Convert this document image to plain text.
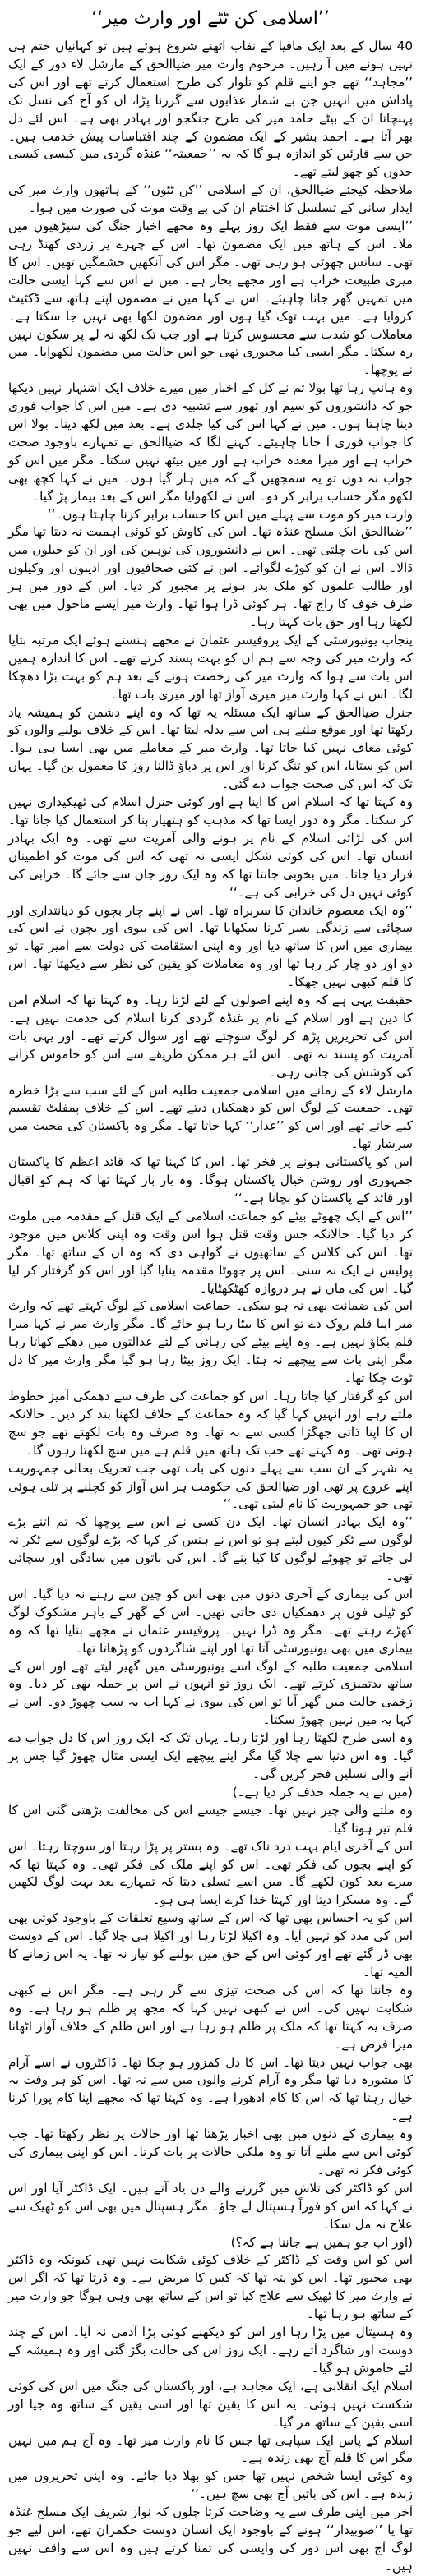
’’اسلامی کن ٹٹے اور وارث میر‘‘

40 سال کے بعد ایک مافیا کے نقاب اٹھنے شروع ہوئے ہیں تو کہانیاں ختم ہی نہیں ہونے میں آ رہیں۔ مرحوم وارث میر ضیاالحق کے مارشل لاء دور کے ایک ’’مجاہد‘‘ تھے جو اپنے قلم کو تلوار کی طرح استعمال کرتے تھے اور اس کی پاداش میں انہیں جن بے شمار عذابوں سے گزرنا پڑا، ان کو آج کی نسل تک پہنچانا ان کے بیٹے حامد میر کی طرح جنگجو اور بہادر بھی ہے۔ اس لئے دل بھر آتا ہے۔ احمد بشیر کے ایک مضمون کے چند اقتباسات پیش خدمت ہیں۔ جن سے قارئین کو اندازہ ہو گا کہ یہ ’’جمعیتہ‘‘ غنڈہ گردی میں کیسی کیسی حدوں کو چھو لیتے تھے۔

ملاحظہ کیجئے ضیاالحق، ان کے اسلامی ’’کن ٹٹوں‘‘ کے ہاتھوں وارث میر کی ایذار سانی کے تسلسل کا اختتام ان کی بے وقت موت کی صورت میں ہوا۔

’’ایسی موت سے فقط ایک روز پہلے وہ مجھے اخبار جنگ کی سیڑھیوں میں ملا۔ اس کے ہاتھ میں ایک مضمون تھا۔ اس کے چہرے پر زردی کھنڈ رہی تھی۔ سانس چھوٹی ہو رہی تھی۔ مگر اس کی آنکھیں خشمگیں تھیں۔ اس کا میری طبیعت خراب ہے اور مجھے بخار ہے۔ میں نے اس سے کہا ایسی حالت میں تمہیں گھر جانا چاہیئے۔ اس نے کہا میں نے مضمون اپنے ہاتھ سے ڈکٹیٹ کروایا ہے۔ میں بہت تھک گیا ہوں اور مضمون لکھا بھی نہیں جا سکتا ہے۔ معاملات کو شدت سے محسوس کرتا ہے اور جب تک لکھ نہ لے پر سکون نہیں رہ سکتا۔ مگر ایسی کیا مجبوری تھی جو اس حالت میں مضمون لکھوایا۔ میں نے پوچھا۔

وہ ہانپ رہا تھا بولا تم نے کل کے اخبار میں میرے خلاف ایک اشتہار نہیں دیکھا جو کہ دانشوروں کو سیم اور تھور سے تشبیہ دی ہے۔ میں اس کا جواب فوری دینا چاہتا ہوں۔ میں نے کہا اس کی کیا جلدی ہے۔ بعد میں لکھ دینا۔ بولا اس کا جواب فوری آ جانا چاہیئے۔ کہنے لگا کہ ضیاالحق نے تمہارے باوجود صحت خراب ہے اور میرا معدہ خراب ہے اور میں بیٹھ نہیں سکتا۔ مگر میں اس کو جواب نہ دوں تو یہ سمجھیں گے کہ میں ہار گیا ہوں۔ میں نے کہا کچھ بھی لکھو مگر حساب برابر کر دو۔ اس نے لکھوایا مگر اس کے بعد بیمار پڑ گیا۔

وارث میر کو موت سے پہلے میں اس کا حساب برابر کرنا چاہتا ہوں۔‘‘

’’ضیاالحق ایک مسلح غنڈہ تھا۔ اس کی کاوش کو کوئی اہمیت نہ دیتا تھا مگر اس کی بات چلتی تھی۔ اس نے دانشوروں کی توہین کی اور ان کو جیلوں میں ڈالا۔ اس نے ان کو کوڑے لگوائے۔ اس نے کئی صحافیوں اور ادیبوں اور وکیلوں اور طالب علموں کو ملک بدر ہونے پر مجبور کر دیا۔ اس کے دور میں ہر طرف خوف کا راج تھا۔ ہر کوئی ڈرا ہوا تھا۔ وارث میر ایسے ماحول میں بھی لکھتا رہا اور حق بات کہتا رہا۔

پنجاب یونیورسٹی کے ایک پروفیسر عثمان نے مجھے ہنستے ہوئے ایک مرتبہ بتایا کہ وارث میر کی وجہ سے ہم ان کو بہت پسند کرتے تھے۔ اس کا اندازہ ہمیں اس بات سے ہوا کہ وارث میر کی رخصت ہونے کے بعد ہم کو بہت بڑا دھچکا لگا۔ اس نے کہا وارث میر میری آواز تھا اور میری بات تھا۔

جنرل ضیاالحق کے ساتھ ایک مسئلہ یہ تھا کہ وہ اپنے دشمن کو ہمیشہ یاد رکھتا تھا اور موقع ملتے ہی اس سے بدلہ لیتا تھا۔ اس کے خلاف بولنے والوں کو کوئی معاف نہیں کیا جاتا تھا۔ وارث میر کے معاملے میں بھی ایسا ہی ہوا۔ اس کو ستانا، اس کو تنگ کرنا اور اس پر دباؤ ڈالنا روز کا معمول بن گیا۔ یہاں تک کہ اس کی صحت جواب دے گئی۔

وہ کہتا تھا کہ اسلام اس کا اپنا ہے اور کوئی جنرل اسلام کی ٹھیکیداری نہیں کر سکتا۔ مگر وہ دور ایسا تھا کہ مذہب کو ہتھیار بنا کر استعمال کیا جاتا تھا۔ اس کی لڑائی اسلام کے نام پر ہونے والی آمریت سے تھی۔ وہ ایک بہادر انسان تھا۔ اس کی کوئی شکل ایسی نہ تھی کہ اس کی موت کو اطمینان قرار دیا جاتا۔ میں بخوبی جانتا تھا کہ وہ ایک روز جان سے جائے گا۔ خرابی کی کوئی نہیں دل کی خرابی کی ہے۔‘‘

’’وہ ایک معصوم خاندان کا سربراہ تھا۔ اس نے اپنے چار بچوں کو دیانتداری اور سچائی سے زندگی بسر کرنا سکھایا تھا۔ اس کی بیوی اور بچوں نے اس کی بیماری میں اس کا ساتھ دیا اور وہ اپنی استقامت کی دولت سے امیر تھا۔ تو دو اور دو چار کر رہا تھا اور وہ معاملات کو یقین کی نظر سے دیکھتا تھا۔ اس کا قلم کبھی نہیں جھکا۔

حقیقت یہی ہے کہ وہ اپنے اصولوں کے لئے لڑتا رہا۔ وہ کہتا تھا کہ اسلام امن کا دین ہے اور اسلام کے نام پر غنڈہ گردی کرنا اسلام کی خدمت نہیں ہے۔ اس کی تحریریں پڑھ کر لوگ سوچتے تھے اور سوال کرتے تھے۔ اور یہی بات آمریت کو پسند نہ تھی۔ اس لئے ہر ممکن طریقے سے اس کو خاموش کرانے کی کوشش کی جاتی رہی۔

مارشل لاء کے زمانے میں اسلامی جمعیت طلبہ اس کے لئے سب سے بڑا خطرہ تھی۔ جمعیت کے لوگ اس کو دھمکیاں دیتے تھے۔ اس کے خلاف پمفلٹ تقسیم کیے جاتے تھے اور اس کو ’’غدار‘‘ کہا جاتا تھا۔ مگر وہ پاکستان کی محبت میں سرشار تھا۔

اس کو پاکستانی ہونے پر فخر تھا۔ اس کا کہنا تھا کہ قائد اعظم کا پاکستان جمہوری اور روشن خیال پاکستان ہوگا۔ وہ بار بار کہتا تھا کہ ہم کو اقبال اور قائد کے پاکستان کو بچانا ہے۔‘‘

’’اس کے ایک چھوٹے بیٹے کو جماعت اسلامی کے ایک قتل کے مقدمہ میں ملوث کر دیا گیا۔ حالانکہ جس وقت قتل ہوا اس وقت وہ اپنی کلاس میں موجود تھا۔ اس کی کلاس کے ساتھیوں نے گواہی دی کہ وہ ان کے ساتھ تھا۔ مگر پولیس نے ایک نہ سنی۔ اس پر جھوٹا مقدمہ بنایا گیا اور اس کو گرفتار کر لیا گیا۔ اس کی ماں نے ہر دروازہ کھٹکھٹایا۔

اس کی ضمانت بھی نہ ہو سکی۔ جماعت اسلامی کے لوگ کہتے تھے کہ وارث میر اپنا قلم روک دے تو اس کا بیٹا رہا ہو جائے گا۔ مگر وارث میر نے کہا میرا قلم بکاؤ نہیں ہے۔ وہ اپنے بیٹے کی رہائی کے لئے عدالتوں میں دھکے کھاتا رہا مگر اپنی بات سے پیچھے نہ ہٹا۔ ایک روز بیٹا رہا ہو گیا مگر وارث میر کا دل ٹوٹ چکا تھا۔

اس کو گرفتار کیا جاتا رہا۔ اس کو جماعت کی طرف سے دھمکی آمیز خطوط ملتے رہے اور انہیں کہا گیا کہ وہ جماعت کے خلاف لکھنا بند کر دیں۔ حالانکہ ان کا اپنا ذاتی جھگڑا کسی سے نہ تھا۔ وہ صرف وہ بات لکھتے تھے جو سچ ہوتی تھی۔ وہ کہتے تھے جب تک ہاتھ میں قلم ہے میں سچ لکھتا رہوں گا۔

یہ شہر کے ان سب سے پہلے دنوں کی بات تھی جب تحریک بحالی جمہوریت اپنے عروج پر تھی اور ضیاالحق کی حکومت ہر اس آواز کو کچلنے پر تلی ہوئی تھی جو جمہوریت کا نام لیتی تھی۔‘‘

’’وہ ایک بہادر انسان تھا۔ ایک دن کسی نے اس سے پوچھا کہ تم اتنے بڑے لوگوں سے ٹکر کیوں لیتے ہو تو اس نے ہنس کر کہا کہ بڑے لوگوں سے ٹکر نہ لی جائے تو چھوٹے لوگوں کا کیا بنے گا۔ اس کی باتوں میں سادگی اور سچائی تھی۔

اس کی بیماری کے آخری دنوں میں بھی اس کو چین سے رہنے نہ دیا گیا۔ اس کو ٹیلی فون پر دھمکیاں دی جاتی تھیں۔ اس کے گھر کے باہر مشکوک لوگ کھڑے رہتے تھے۔ مگر وہ ڈرا نہیں۔ پروفیسر عثمان نے مجھے بتایا تھا کہ وہ بیماری میں بھی یونیورسٹی آتا تھا اور اپنے شاگردوں کو پڑھاتا تھا۔

اسلامی جمعیت طلبہ کے لوگ اسے یونیورسٹی میں گھیر لیتے تھے اور اس کے ساتھ بدتمیزی کرتے تھے۔ ایک روز تو انہوں نے اس پر حملہ بھی کر دیا۔ وہ زخمی حالت میں گھر آیا تو اس کی بیوی نے کہا اب یہ سب چھوڑ دو۔ اس نے کہا یہ میں نہیں چھوڑ سکتا۔

وہ اسی طرح لکھتا رہا اور لڑتا رہا۔ یہاں تک کہ ایک روز اس کا دل جواب دے گیا۔ وہ اس دنیا سے چلا گیا مگر اپنے پیچھے ایک ایسی مثال چھوڑ گیا جس پر آنے والی نسلیں فخر کریں گی۔

(میں نے یہ جملہ حذف کر دیا ہے۔)

وہ ملتے والی چیز نہیں تھا۔ جیسے جیسے اس کی مخالفت بڑھتی گئی اس کا قلم تیز ہوتا گیا۔

اس کے آخری ایام بہت درد ناک تھے۔ وہ بستر پر پڑا رہتا اور سوچتا رہتا۔ اس کو اپنے بچوں کی فکر تھی۔ اس کو اپنے ملک کی فکر تھی۔ وہ کہتا تھا کہ میرے بعد کون لکھے گا۔ میں اسے تسلی دیتا کہ تمہارے بعد بہت لوگ لکھیں گے۔ وہ مسکرا دیتا اور کہتا خدا کرے ایسا ہی ہو۔

اس کو یہ احساس بھی تھا کہ اس کے ساتھ وسیع تعلقات کے باوجود کوئی بھی اس کی مدد کو نہیں آیا۔ وہ اکیلا لڑتا رہا اور اکیلا ہی چلا گیا۔ اس کے دوست بھی ڈر گئے تھے اور کوئی اس کے حق میں بولنے کو تیار نہ تھا۔ یہ اس زمانے کا المیہ تھا۔

وہ جانتا تھا کہ اس کی صحت تیزی سے گر رہی ہے۔ مگر اس نے کبھی شکایت نہیں کی۔ اس نے کبھی نہیں کہا کہ مجھ پر ظلم ہو رہا ہے۔ وہ صرف یہ کہتا تھا کہ ملک پر ظلم ہو رہا ہے اور اس ظلم کے خلاف آواز اٹھانا میرا فرض ہے۔

بھی جواب نہیں دیتا تھا۔ اس کا دل کمزور ہو چکا تھا۔ ڈاکٹروں نے اسے آرام کا مشورہ دیا تھا مگر وہ آرام کرنے والوں میں سے نہ تھا۔ اس کو ہر وقت یہ خیال رہتا تھا کہ اس کا کام ادھورا ہے۔ وہ کہتا تھا کہ مجھے اپنا کام پورا کرنا ہے۔

وہ بیماری کے دنوں میں بھی اخبار پڑھتا تھا اور حالات پر نظر رکھتا تھا۔ جب کوئی اس سے ملنے آتا تو وہ ملکی حالات پر بات کرتا۔ اس کو اپنی بیماری کی کوئی فکر نہ تھی۔

اس کو ڈاکٹر کی تلاش میں گزرنے والے دن یاد آتے ہیں۔ ایک ڈاکٹر آیا اور اس نے کہا کہ اس کو فوراً ہسپتال لے جاؤ۔ مگر ہسپتال میں بھی اس کو ٹھیک سے علاج نہ مل سکا۔

(اور اب جو ہمیں ہے جاننا ہے کہ؟)

اس کو اس وقت کے ڈاکٹر کے خلاف کوئی شکایت نہیں تھی کیونکہ وہ ڈاکٹر بھی مجبور تھا۔ اس کو پتہ تھا کہ کس کا مریض ہے۔ وہ ڈرتا تھا کہ اگر اس نے وارث میر کا ٹھیک سے علاج کیا تو اس کے ساتھ بھی وہی ہوگا جو وارث میر کے ساتھ ہو رہا تھا۔

وہ ہسپتال میں پڑا رہا اور اس کو دیکھنے کوئی بڑا آدمی نہ آیا۔ اس کے چند دوست اور شاگرد آتے رہے۔ ایک روز اس کی حالت بگڑ گئی اور وہ ہمیشہ کے لئے خاموش ہو گیا۔

اسلام ایک انقلابی ہے، ایک مجاہد ہے، اور پاکستان کی جنگ میں اس کی کوئی شکست نہیں ہوئی۔ یہ اس کا یقین تھا اور اسی یقین کے ساتھ وہ جیا اور اسی یقین کے ساتھ مر گیا۔

اسلام کے پاس ایک سپاہی تھا جس کا نام وارث میر تھا۔ وہ آج ہم میں نہیں مگر اس کا قلم آج بھی زندہ ہے۔

وہ کوئی ایسا شخص نہیں تھا جس کو بھلا دیا جائے۔ وہ اپنی تحریروں میں زندہ ہے۔ اس کی باتیں آج بھی سچ ہیں۔‘‘

آخر میں اپنی طرف سے یہ وضاحت کرتا چلوں کہ نواز شریف ایک مسلح غنڈہ تھا یا ’’صوبیدار‘‘ ہونے کے باوجود ایک انسان دوست حکمران تھے، اس لیے جو لوگ آج بھی اس دور کی واپسی کی تمنا کرتے ہیں وہ اس سے واقف نہیں ہیں۔
